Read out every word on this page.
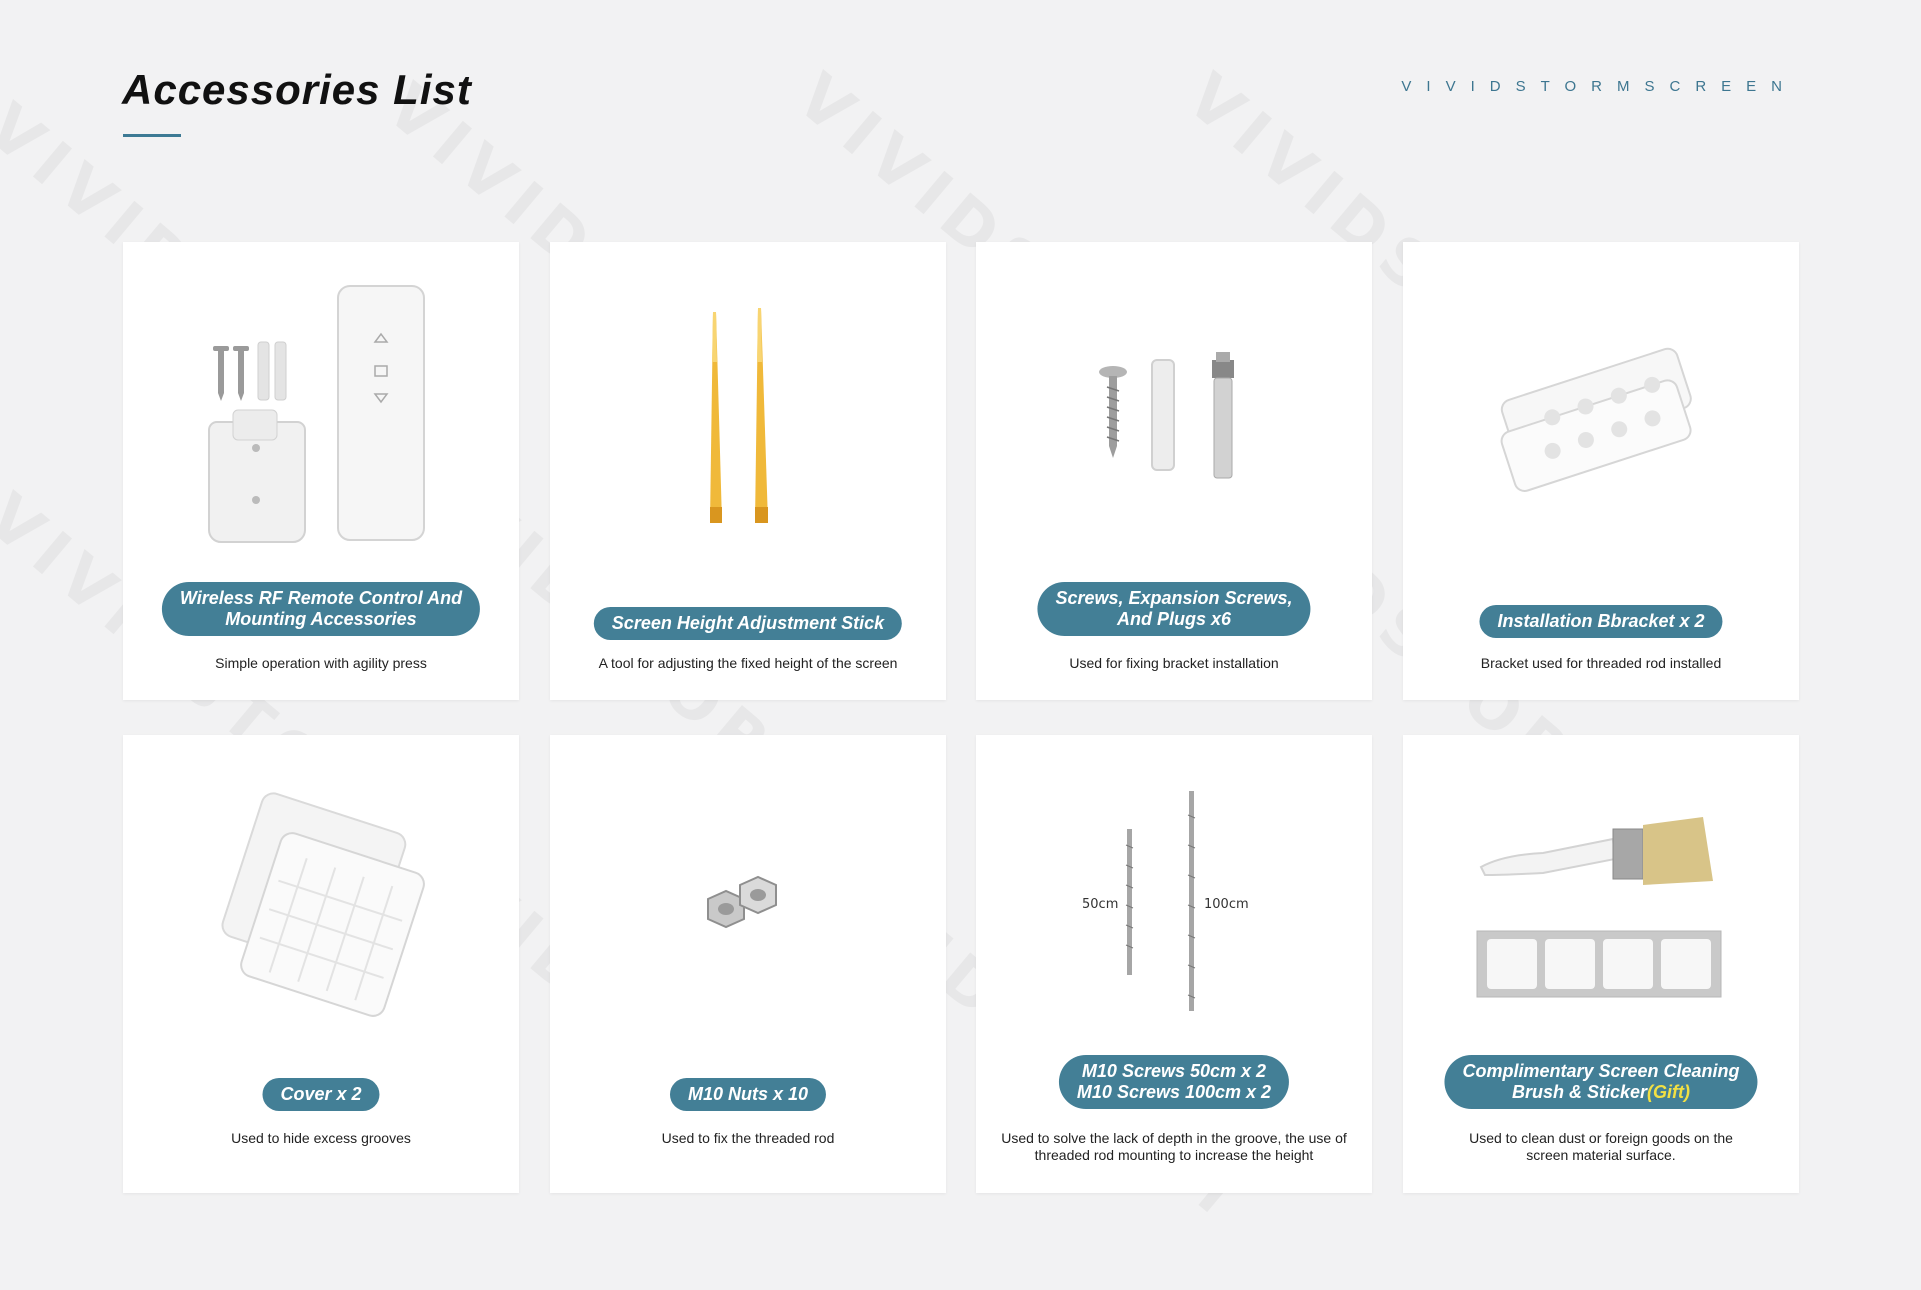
Accessories List	VIVIDSTORMSCREEN
Wireless RF Remote Control And
Mounting Accessories
Simple operation with agility press
Screen Height Adjustment Stick
A tool for adjusting the fixed height of the screen
Screws, Expansion Screws,
And Plugs x6
Used for fixing bracket installation
Installation Bbracket x 2
Bracket used for threaded rod installed
Cover x 2
Used to hide excess grooves
M10 Nuts x 10
Used to fix the threaded rod
50cm	100cm
M10 Screws 50cm x 2
M10 Screws 100cm x 2
Used to solve the lack of depth in the groove, the use of
threaded rod mounting to increase the height
Complimentary Screen Cleaning
Brush & Sticker(Gift)
Used to clean dust or foreign goods on the
screen material surface.
